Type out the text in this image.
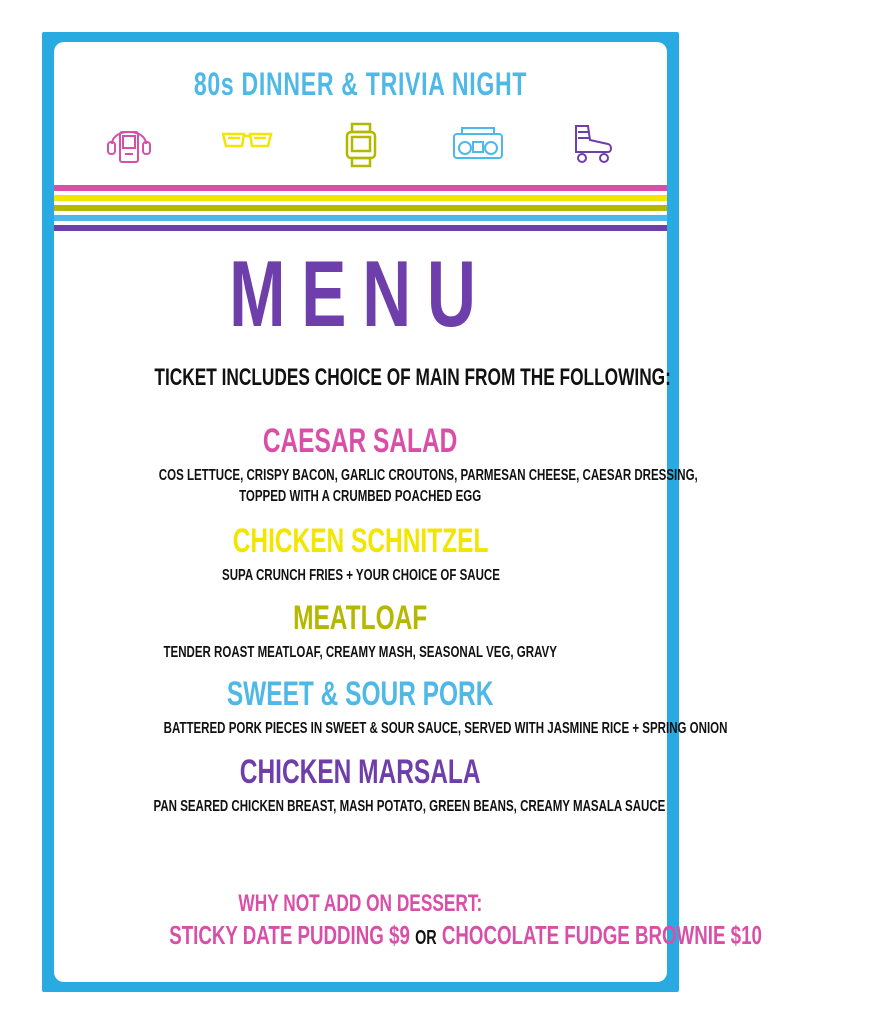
80s DINNER & TRIVIA NIGHT
MENU
TICKET INCLUDES CHOICE OF MAIN FROM THE FOLLOWING:
CAESAR SALAD
COS LETTUCE, CRISPY BACON, GARLIC CROUTONS, PARMESAN CHEESE, CAESAR DRESSING,
TOPPED WITH A CRUMBED POACHED EGG
CHICKEN SCHNITZEL
SUPA CRUNCH FRIES + YOUR CHOICE OF SAUCE
MEATLOAF
TENDER ROAST MEATLOAF, CREAMY MASH, SEASONAL VEG, GRAVY
SWEET & SOUR PORK
BATTERED PORK PIECES IN SWEET & SOUR SAUCE, SERVED WITH JASMINE RICE + SPRING ONION
CHICKEN MARSALA
PAN SEARED CHICKEN BREAST, MASH POTATO, GREEN BEANS, CREAMY MASALA SAUCE
WHY NOT ADD ON DESSERT:
STICKY DATE PUDDING $9 OR CHOCOLATE FUDGE BROWNIE $10
